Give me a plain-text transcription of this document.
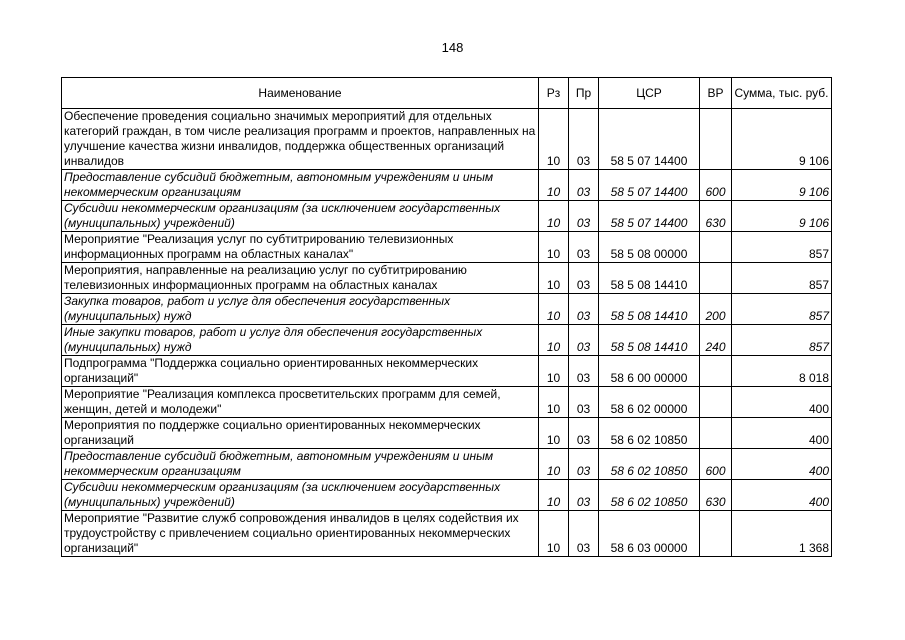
148
Наименование	Рз	Пр	ЦСР	ВР	Сумма, тыс. руб.
Обеспечение проведения социально значимых мероприятий для отдельных категорий граждан, в том числе реализация программ и проектов, направленных на улучшение качества жизни инвалидов, поддержка общественных организаций инвалидов	10	03	58 5 07 14400		9 106
Предоставление субсидий бюджетным, автономным учреждениям и иным некоммерческим организациям	10	03	58 5 07 14400	600	9 106
Субсидии некоммерческим организациям (за исключением государственных (муниципальных) учреждений)	10	03	58 5 07 14400	630	9 106
Мероприятие "Реализация услуг по субтитрированию телевизионных информационных программ на областных каналах"	10	03	58 5 08 00000		857
Мероприятия, направленные на реализацию услуг по субтитрированию телевизионных информационных программ на областных каналах	10	03	58 5 08 14410		857
Закупка товаров, работ и услуг для обеспечения государственных (муниципальных) нужд	10	03	58 5 08 14410	200	857
Иные закупки товаров, работ и услуг для обеспечения государственных (муниципальных) нужд	10	03	58 5 08 14410	240	857
Подпрограмма "Поддержка социально ориентированных некоммерческих организаций"	10	03	58 6 00 00000		8 018
Мероприятие "Реализация комплекса просветительских программ для семей, женщин, детей и молодежи"	10	03	58 6 02 00000		400
Мероприятия по поддержке социально ориентированных некоммерческих организаций	10	03	58 6 02 10850		400
Предоставление субсидий бюджетным, автономным учреждениям и иным некоммерческим организациям	10	03	58 6 02 10850	600	400
Субсидии некоммерческим организациям (за исключением государственных (муниципальных) учреждений)	10	03	58 6 02 10850	630	400
Мероприятие "Развитие служб сопровождения инвалидов в целях содействия их трудоустройству с привлечением социально ориентированных некоммерческих организаций"	10	03	58 6 03 00000		1 368
